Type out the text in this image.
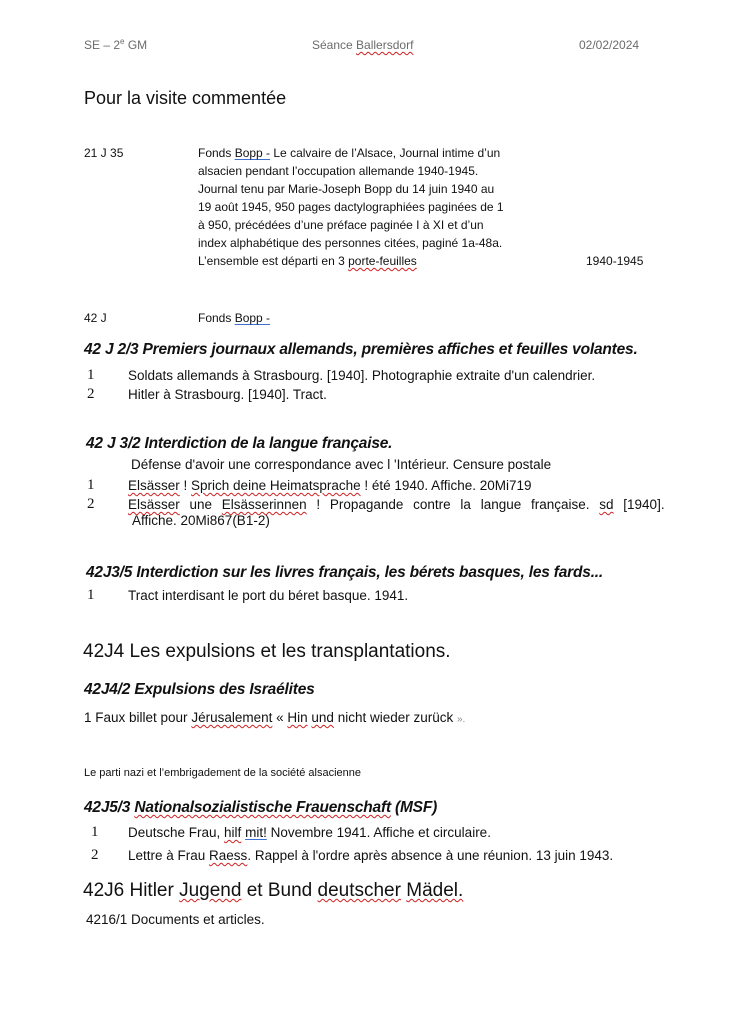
SE – 2e GM	Séance Ballersdorf	02/02/2024
Pour la visite commentée
21 J 35	Fonds Bopp - Le calvaire de l’Alsace, Journal intime d’un
alsacien pendant l’occupation allemande 1940-1945.
Journal tenu par Marie-Joseph Bopp du 14 juin 1940 au
19 août 1945, 950 pages dactylographiées paginées de 1
à 950, précédées d’une préface paginée I à XI et d’un
index alphabétique des personnes citées, paginé 1a-48a.
L’ensemble est départi en 3 porte-feuilles	1940-1945
42 J	Fonds Bopp -
42 J 2/3 Premiers journaux allemands, premières affiches et feuilles volantes.
1 Soldats allemands à Strasbourg. [1940]. Photographie extraite d'un calendrier.
2 Hitler à Strasbourg. [1940]. Tract.
42 J 3/2 Interdiction de la langue française.
Défense d'avoir une correspondance avec l 'Intérieur. Censure postale
1 Elsässer ! Sprich deine Heimatsprache ! été 1940. Affiche. 20Mi719
2 Elsässer une Elsässerinnen ! Propagande contre la langue française. sd [1940].
Affiche. 20Mi867(B1-2)
42J3/5 Interdiction sur les livres français, les bérets basques, les fards...
1 Tract interdisant le port du béret basque. 1941.
42J4 Les expulsions et les transplantations.
42J4/2 Expulsions des Israélites
1 Faux billet pour Jérusalement « Hin und nicht wieder zurück ».
Le parti nazi et l’embrigadement de la société alsacienne
42J5/3 Nationalsozialistische Frauenschaft (MSF)
1 Deutsche Frau, hilf mit! Novembre 1941. Affiche et circulaire.
2 Lettre à Frau Raess. Rappel à l'ordre après absence à une réunion. 13 juin 1943.
42J6 Hitler Jugend et Bund deutscher Mädel.
4216/1 Documents et articles.
